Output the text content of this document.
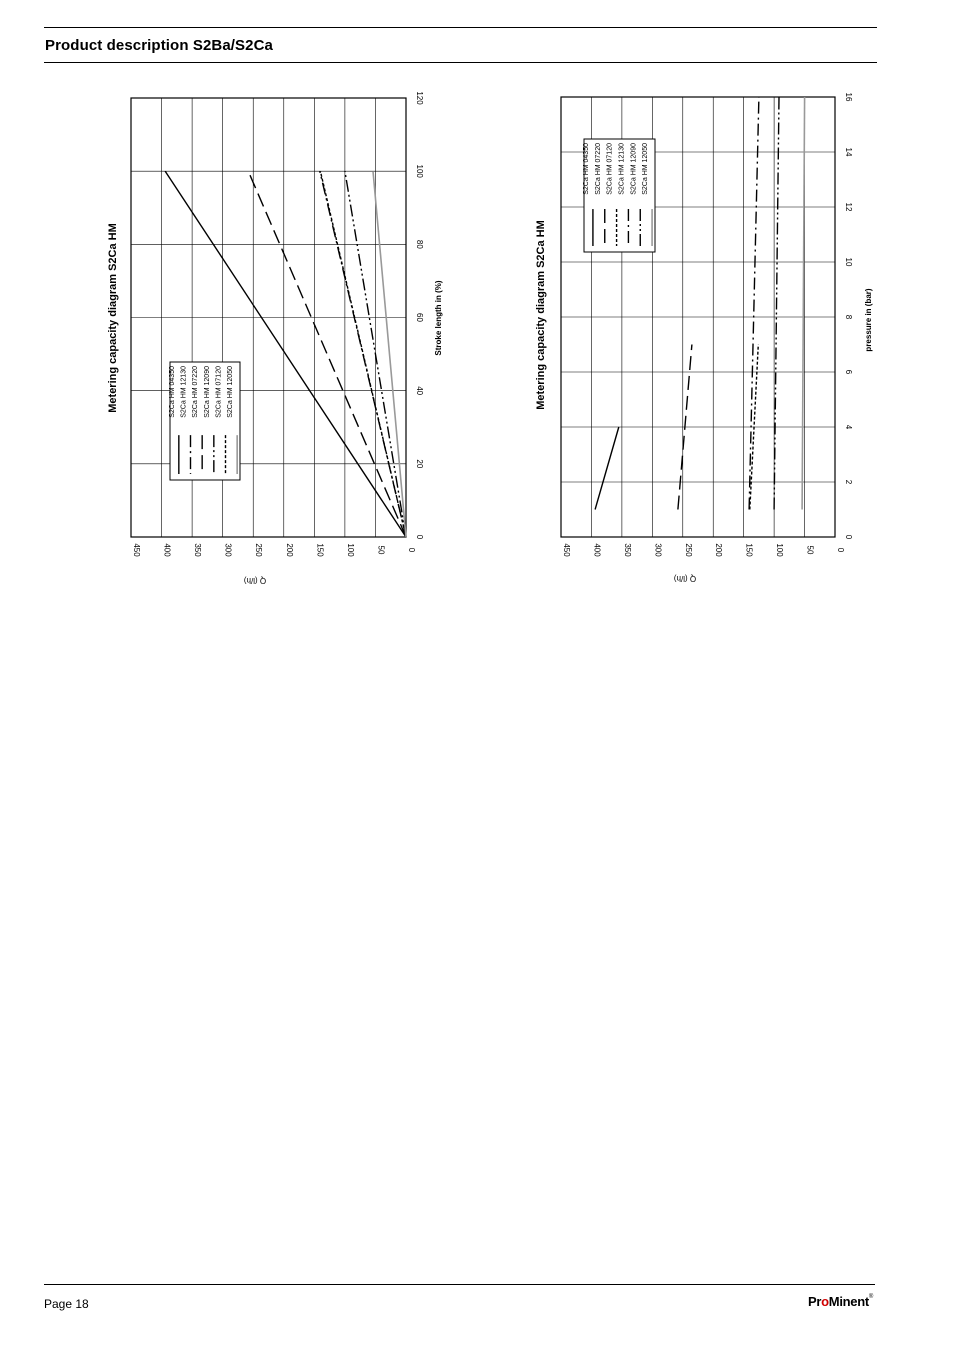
Product description S2Ba/S2Ca
450	400	350	300	250	200	150	100	50	0
0
20
40
60
80
100
120
Metering capacity diagram S2Ca HM	Stroke length in (%)
Q (l/h)
S2Ca HM 04350 S2Ca HM 12130 S2Ca HM 07220 S2Ca HM 12090 S2Ca HM 07120 S2Ca HM 12050
450	400	350	300	250	200	150	100	50	0
0
2
4
6
8
10
12
14
16
Metering capacity diagram S2Ca HM	pressure in (bar)
Q (l/h)
S2Ca HM 04350 S2Ca HM 07220 S2Ca HM 07120 S2Ca HM 12130 S2Ca HM 12090 S2Ca HM 12050
Page 18	ProMinent®
